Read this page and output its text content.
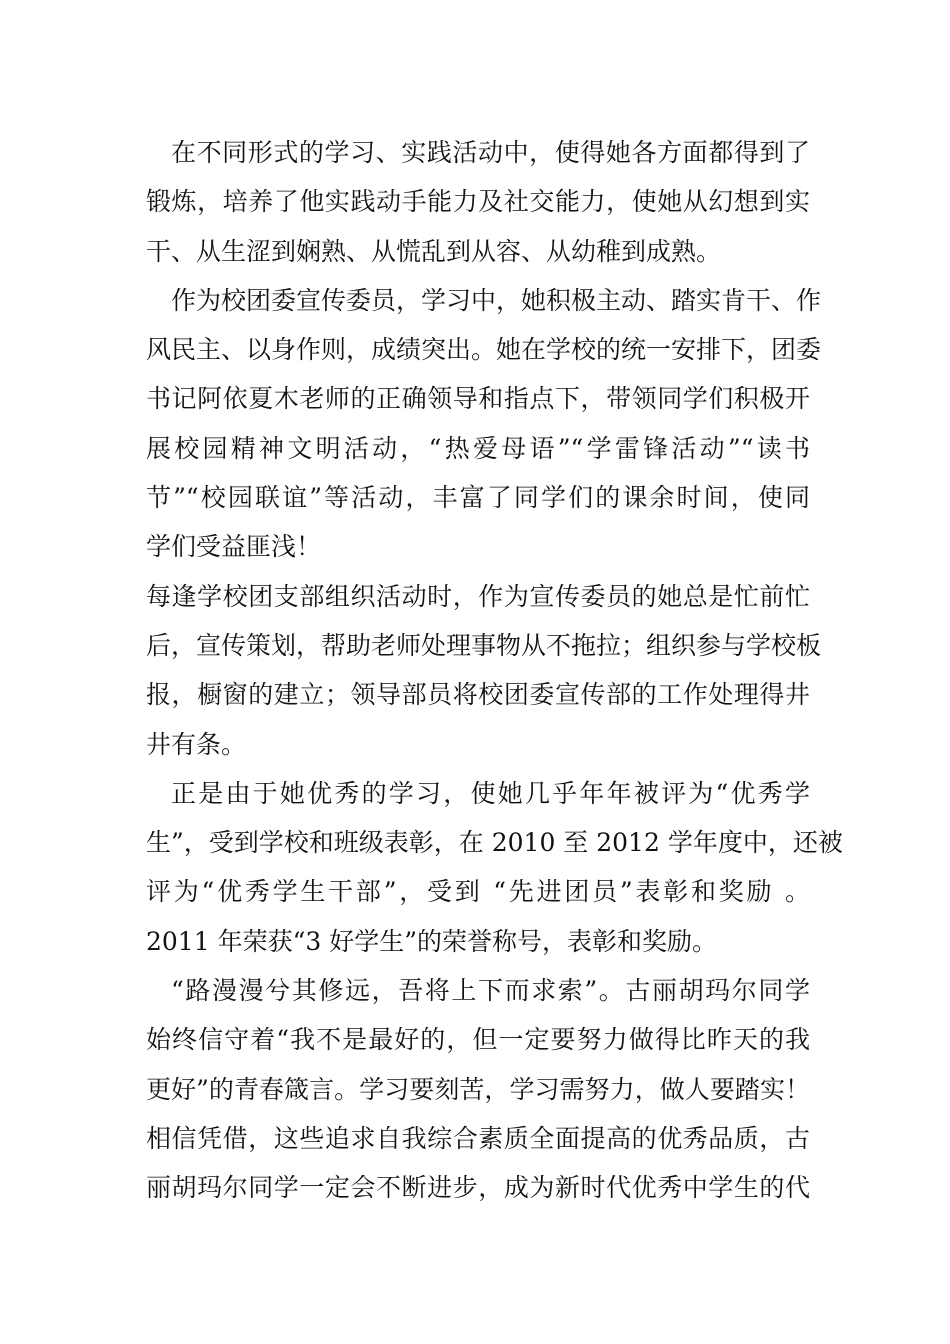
在不同形式的学习、实践活动中，使得她各方面都得到了
锻炼，培养了他实践动手能力及社交能力，使她从幻想到实
干、从生涩到娴熟、从慌乱到从容、从幼稚到成熟。
作为校团委宣传委员，学习中，她积极主动、踏实肯干、作
风民主、以身作则，成绩突出。她在学校的统一安排下，团委
书记阿依夏木老师的正确领导和指点下，带领同学们积极开
展校园精神文明活动，“热爱母语”“学雷锋活动”“读书
节”“校园联谊”等活动，丰富了同学们的课余时间，使同
学们受益匪浅！
每逢学校团支部组织活动时，作为宣传委员的她总是忙前忙
后，宣传策划，帮助老师处理事物从不拖拉；组织参与学校板
报，橱窗的建立；领导部员将校团委宣传部的工作处理得井
井有条。
正是由于她优秀的学习，使她几乎年年被评为“优秀学
生”，受到学校和班级表彰，在 2010 至 2012 学年度中，还被
评为“优秀学生干部”，受到 “先进团员”表彰和奖励 。
2011 年荣获“3 好学生”的荣誉称号，表彰和奖励。
“路漫漫兮其修远，吾将上下而求索”。古丽胡玛尔同学
始终信守着“我不是最好的，但一定要努力做得比昨天的我
更好”的青春箴言。学习要刻苦，学习需努力，做人要踏实！
相信凭借，这些追求自我综合素质全面提高的优秀品质，古
丽胡玛尔同学一定会不断进步，成为新时代优秀中学生的代
